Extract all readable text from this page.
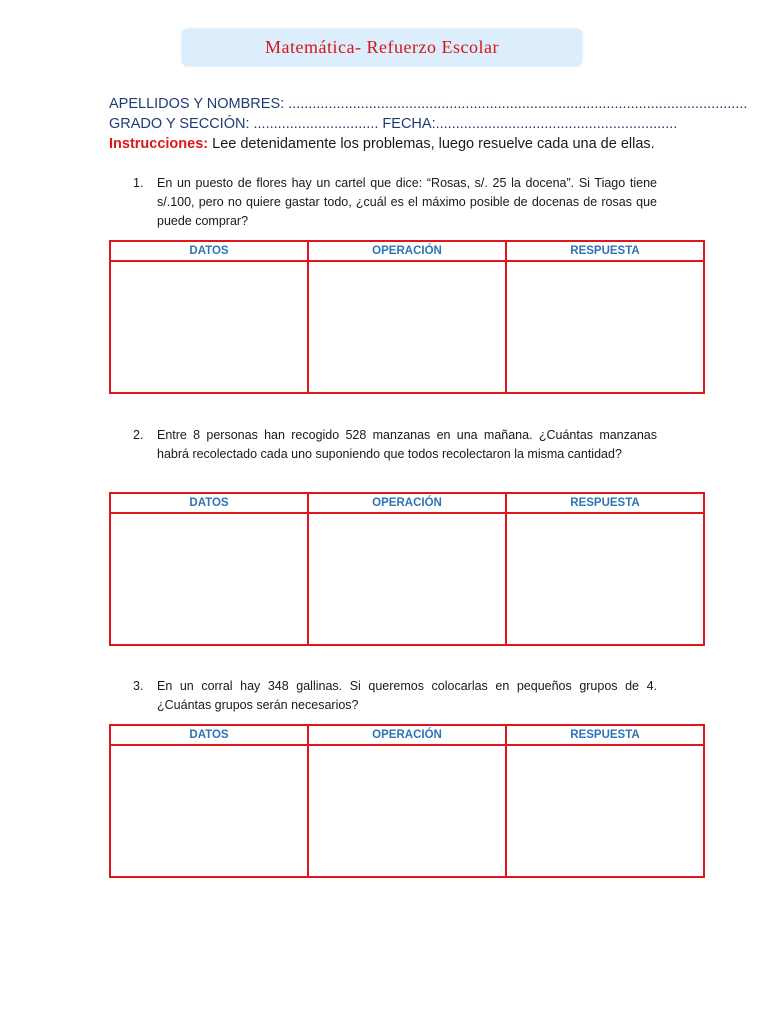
Matemática- Refuerzo Escolar
APELLIDOS Y NOMBRES: ..................................................................................................................
GRADO Y SECCIÓN: ............................... FECHA:............................................................
Instrucciones: Lee detenidamente los problemas, luego resuelve cada una de ellas.
1. En un puesto de flores hay un cartel que dice: “Rosas, s/. 25 la docena”. Si Tiago tiene s/.100, pero no quiere gastar todo, ¿cuál es el máximo posible de docenas de rosas que puede comprar?
DATOS	OPERACIÓN	RESPUESTA

2. Entre 8 personas han recogido 528 manzanas en una mañana. ¿Cuántas manzanas habrá recolectado cada uno suponiendo que todos recolectaron la misma cantidad?
DATOS	OPERACIÓN	RESPUESTA

3. En un corral hay 348 gallinas. Si queremos colocarlas en pequeños grupos de 4. ¿Cuántas grupos serán necesarios?
DATOS	OPERACIÓN	RESPUESTA
